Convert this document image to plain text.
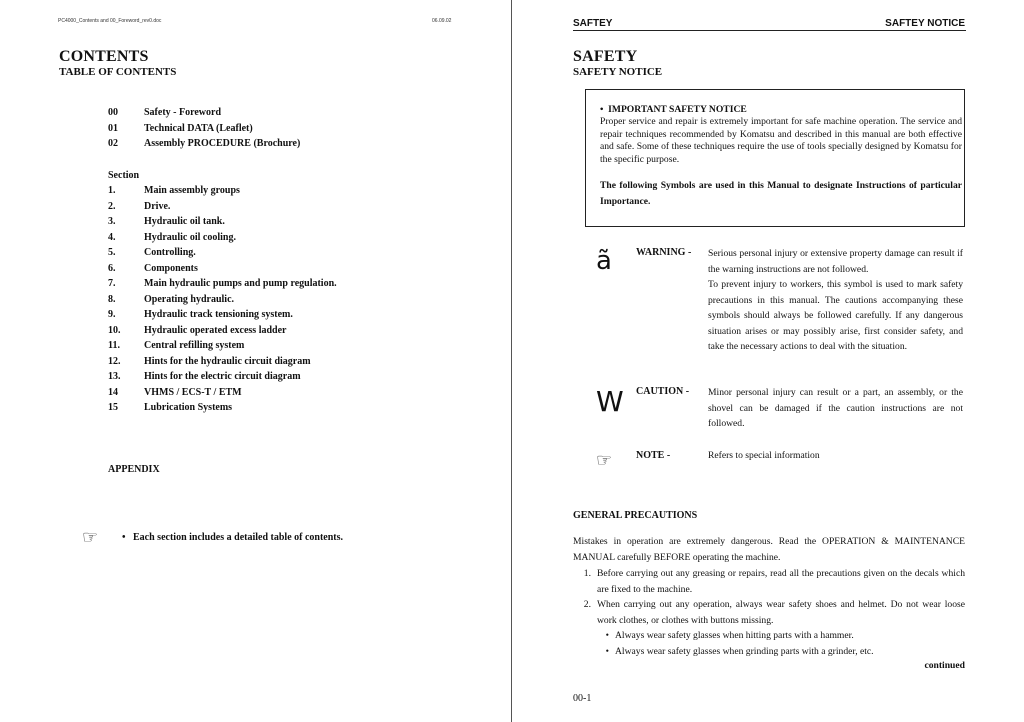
PC4000_Contents and 00_Foreword_rev0.doc	06.09.02
CONTENTS
TABLE OF CONTENTS
00	Safety - Foreword
01	Technical DATA (Leaflet)
02	Assembly PROCEDURE (Brochure)
Section
1.	Main assembly groups
2.	Drive.
3.	Hydraulic oil tank.
4.	Hydraulic oil cooling.
5.	Controlling.
6.	Components
7.	Main hydraulic pumps and pump regulation.
8.	Operating hydraulic.
9.	Hydraulic track tensioning system.
10.	Hydraulic operated excess ladder
11.	Central refilling system
12.	Hints for the hydraulic circuit diagram
13.	Hints for the electric circuit diagram
14	VHMS / ECS-T / ETM
15	Lubrication Systems
APPENDIX
☞ • Each section includes a detailed table of contents.
SAFTEY	SAFTEY NOTICE
SAFETY
SAFETY NOTICE
• IMPORTANT SAFETY NOTICE
Proper service and repair is extremely important for safe machine operation. The service and repair techniques recommended by Komatsu and described in this manual are both effective and safe. Some of these techniques require the use of tools specially designed by Komatsu for the specific purpose.
The following Symbols are used in this Manual to designate Instructions of particular Importance.
ã WARNING - Serious personal injury or extensive property damage can result if the warning instructions are not followed.
To prevent injury to workers, this symbol is used to mark safety precautions in this manual. The cautions accompanying these symbols should always be followed carefully. If any dangerous situation arises or may possibly arise, first consider safety, and take the necessary actions to deal with the situation.
W CAUTION - Minor personal injury can result or a part, an assembly, or the shovel can be damaged if the caution instructions are not followed.
☞ NOTE -	Refers to special information
GENERAL PRECAUTIONS
Mistakes in operation are extremely dangerous. Read the OPERATION & MAINTENANCE MANUAL carefully BEFORE operating the machine.
1. Before carrying out any greasing or repairs, read all the precautions given on the decals which are fixed to the machine.
2. When carrying out any operation, always wear safety shoes and helmet. Do not wear loose work clothes, or clothes with buttons missing.
• Always wear safety glasses when hitting parts with a hammer.
• Always wear safety glasses when grinding parts with a grinder, etc.
continued
00-1
